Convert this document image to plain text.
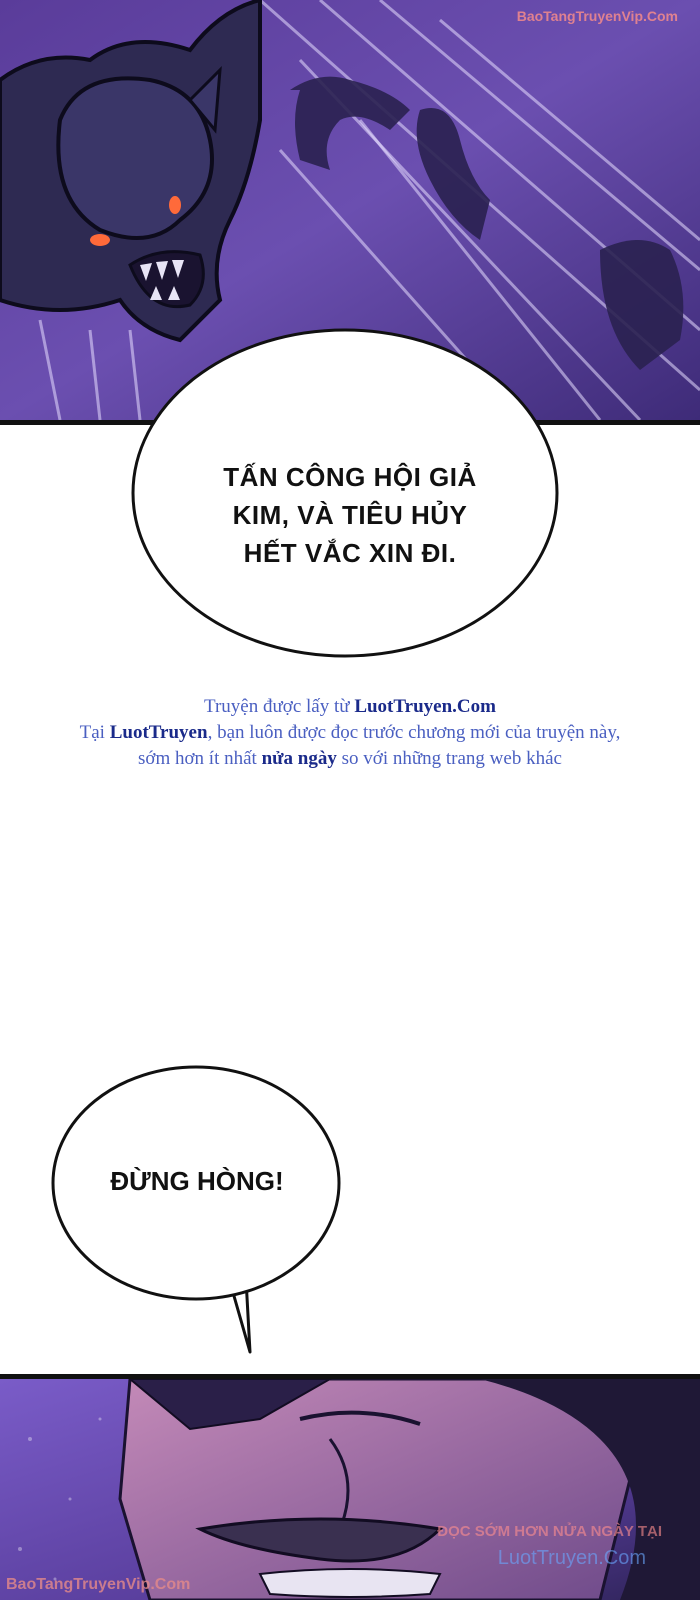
BaoTangTruyenVip.Com
TẤN CÔNG HỘI GIẢ
KIM, VÀ TIÊU HỦY
HẾT VẮC XIN ĐI.
Truyện được lấy từ LuotTruyen.Com
Tại LuotTruyen, bạn luôn được đọc trước chương mới của truyện này,
sớm hơn ít nhất nửa ngày so với những trang web khác
ĐỪNG HÒNG!
ĐỌC SỚM HƠN NỬA NGÀY TẠI
LuotTruyen.Com
BaoTangTruyenVip.Com
